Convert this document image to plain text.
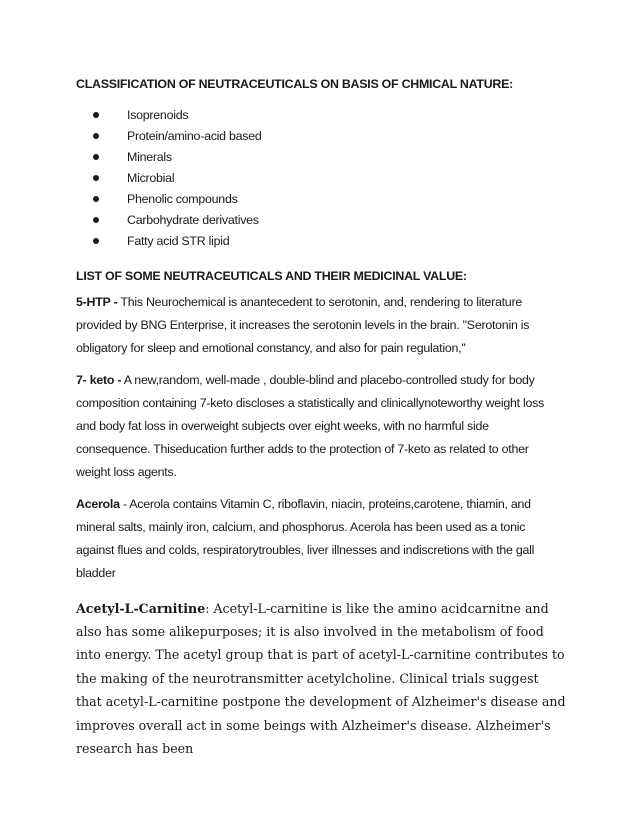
CLASSIFICATION OF NEUTRACEUTICALS ON BASIS OF CHMICAL NATURE:

Isoprenoids
Protein/amino-acid based
Minerals
Microbial
Phenolic compounds
Carbohydrate derivatives
Fatty acid STR lipid

LIST OF SOME NEUTRACEUTICALS AND THEIR MEDICINAL VALUE:

5-HTP - This Neurochemical is anantecedent to serotonin, and, rendering to literature provided by BNG Enterprise, it increases the serotonin levels in the brain. "Serotonin is obligatory for sleep and emotional constancy, and also for pain regulation,"

7- keto - A new,random, well-made , double-blind and placebo-controlled study for body composition containing 7-keto discloses a statistically and clinicallynoteworthy weight loss and body fat loss in overweight subjects over eight weeks, with no harmful side consequence. Thiseducation further adds to the protection of 7-keto as related to other weight loss agents.

Acerola - Acerola contains Vitamin C, riboflavin, niacin, proteins,carotene, thiamin, and mineral salts, mainly iron, calcium, and phosphorus. Acerola has been used as a tonic against flues and colds, respiratorytroubles, liver illnesses and indiscretions with the gall bladder

Acetyl-L-Carnitine: Acetyl-L-carnitine is like the amino acidcarnitne and also has some alikepurposes; it is also involved in the metabolism of food into energy. The acetyl group that is part of acetyl-L-carnitine contributes to the making of the neurotransmitter acetylcholine. Clinical trials suggest that acetyl-L-carnitine postpone the development of Alzheimer's disease and improves overall act in some beings with Alzheimer's disease. Alzheimer's research has been
